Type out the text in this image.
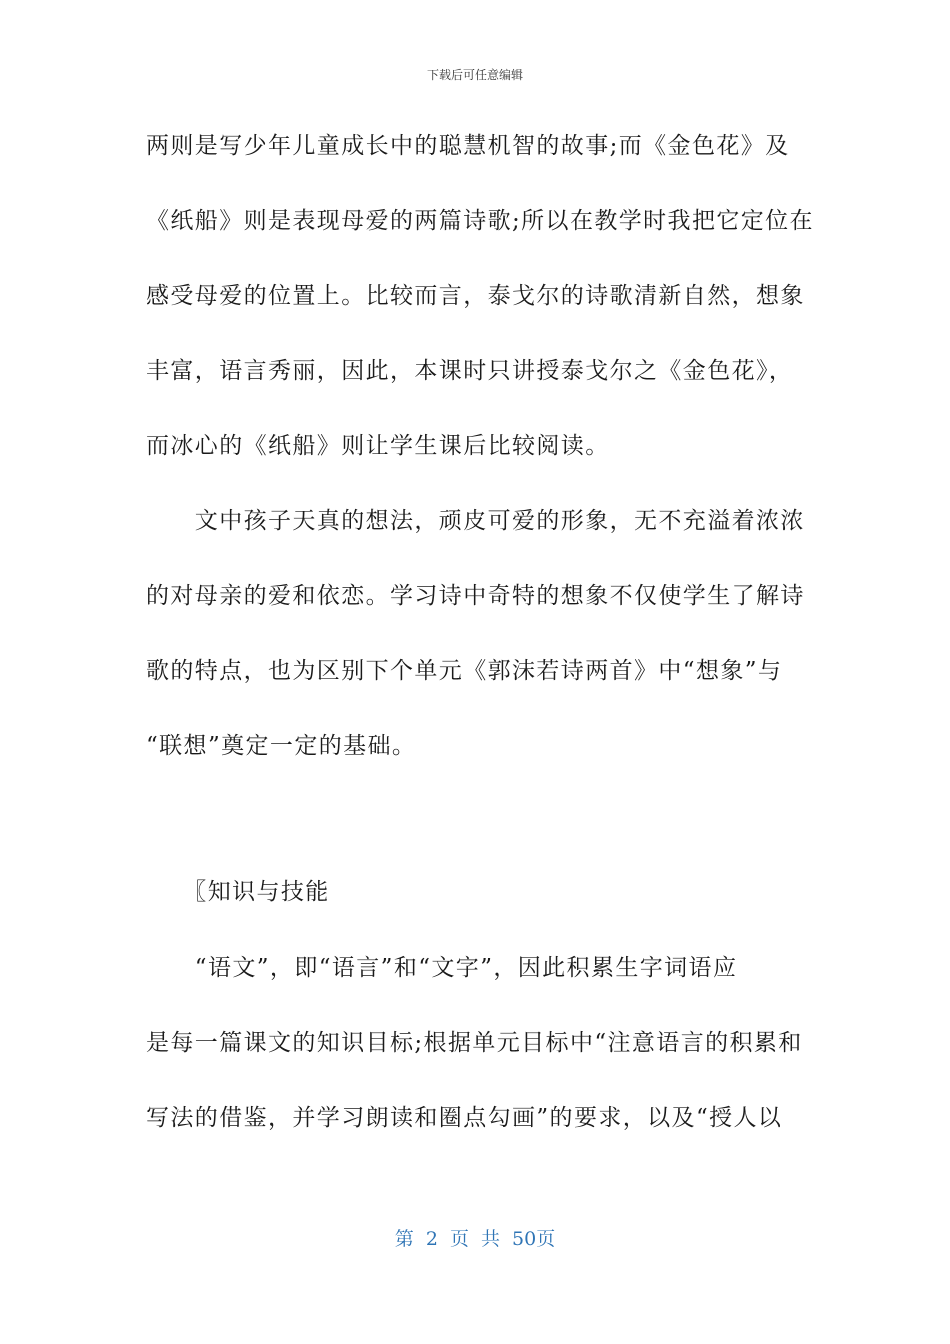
下载后可任意编辑
两则是写少年儿童成长中的聪慧机智的故事;而《金色花》及
《纸船》则是表现母爱的两篇诗歌;所以在教学时我把它定位在
感受母爱的位置上。比较而言，泰戈尔的诗歌清新自然，想象
丰富，语言秀丽，因此，本课时只讲授泰戈尔之《金色花》，
而冰心的《纸船》则让学生课后比较阅读。
　　文中孩子天真的想法，顽皮可爱的形象，无不充溢着浓浓
的对母亲的爱和依恋。学习诗中奇特的想象不仅使学生了解诗
歌的特点，也为区别下个单元《郭沫若诗两首》中“想象”与
“联想”奠定一定的基础。
　　〖知识与技能
　　“语文”，即“语言”和“文字”，因此积累生字词语应
是每一篇课文的知识目标;根据单元目标中“注意语言的积累和
写法的借鉴，并学习朗读和圈点勾画”的要求，以及“授人以
第 2 页 共 50页
